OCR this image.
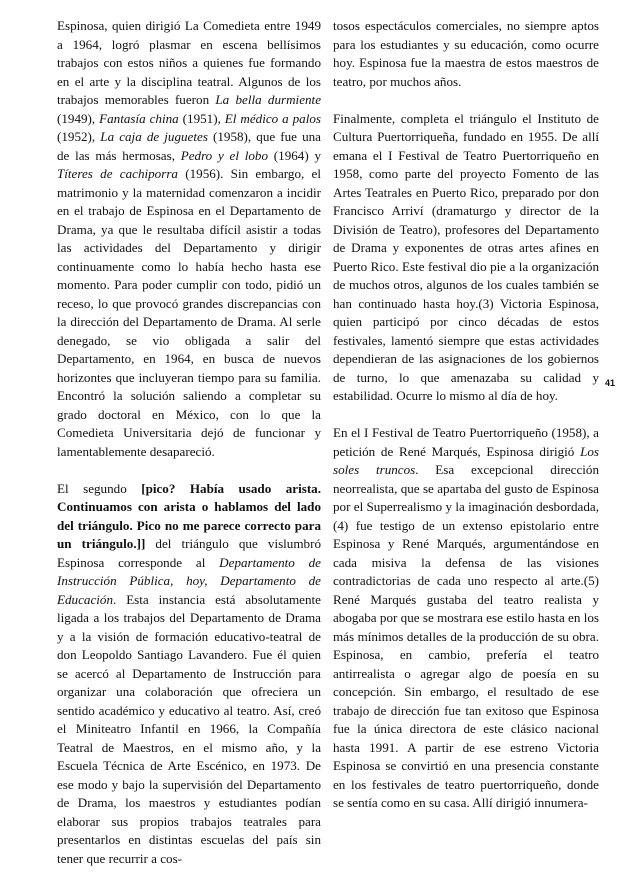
Espinosa, quien dirigió La Comedieta entre 1949 a 1964, logró plasmar en escena bellísimos trabajos con estos niños a quienes fue formando en el arte y la disciplina teatral. Algunos de los trabajos memorables fueron La bella durmiente (1949), Fantasía china (1951), El médico a palos (1952), La caja de juguetes (1958), que fue una de las más hermosas, Pedro y el lobo (1964) y Títeres de cachiporra (1956). Sin embargo, el matrimonio y la maternidad comenzaron a incidir en el trabajo de Espinosa en el Departamento de Drama, ya que le resultaba difícil asistir a todas las actividades del Departamento y dirigir continuamente como lo había hecho hasta ese momento. Para poder cumplir con todo, pidió un receso, lo que provocó grandes discrepancias con la dirección del Departamento de Drama. Al serle denegado, se vio obligada a salir del Departamento, en 1964, en busca de nuevos horizontes que incluyeran tiempo para su familia. Encontró la solución saliendo a completar su grado doctoral en México, con lo que la Comedieta Universitaria dejó de funcionar y lamentablemente desapareció.

El segundo [pico? Había usado arista. Continuamos con arista o hablamos del lado del triángulo. Pico no me parece correcto para un triángulo.]] del triángulo que vislumbró Espinosa corresponde al Departamento de Instrucción Pública, hoy, Departamento de Educación. Esta instancia está absolutamente ligada a los trabajos del Departamento de Drama y a la visión de formación educativo-teatral de don Leopoldo Santiago Lavandero. Fue él quien se acercó al Departamento de Instrucción para organizar una colaboración que ofreciera un sentido académico y educativo al teatro. Así, creó el Miniteatro Infantil en 1966, la Compañía Teatral de Maestros, en el mismo año, y la Escuela Técnica de Arte Escénico, en 1973. De ese modo y bajo la supervisión del Departamento de Drama, los maestros y estudiantes podían elaborar sus propios trabajos teatrales para presentarlos en distintas escuelas del país sin tener que recurrir a cos-

tosos espectáculos comerciales, no siempre aptos para los estudiantes y su educación, como ocurre hoy. Espinosa fue la maestra de estos maestros de teatro, por muchos años.

Finalmente, completa el triángulo el Instituto de Cultura Puertorriqueña, fundado en 1955. De allí emana el I Festival de Teatro Puertorriqueño en 1958, como parte del proyecto Fomento de las Artes Teatrales en Puerto Rico, preparado por don Francisco Arriví (dramaturgo y director de la División de Teatro), profesores del Departamento de Drama y exponentes de otras artes afines en Puerto Rico. Este festival dio pie a la organización de muchos otros, algunos de los cuales también se han continuado hasta hoy.(3) Victoria Espinosa, quien participó por cinco décadas de estos festivales, lamentó siempre que estas actividades dependieran de las asignaciones de los gobiernos de turno, lo que amenazaba su calidad y estabilidad. Ocurre lo mismo al día de hoy.

En el I Festival de Teatro Puertorriqueño (1958), a petición de René Marqués, Espinosa dirigió Los soles truncos. Esa excepcional dirección neorrealista, que se apartaba del gusto de Espinosa por el Superrealismo y la imaginación desbordada, (4) fue testigo de un extenso epistolario entre Espinosa y René Marqués, argumentándose en cada misiva la defensa de las visiones contradictorias de cada uno respecto al arte.(5) René Marqués gustaba del teatro realista y abogaba por que se mostrara ese estilo hasta en los más mínimos detalles de la producción de su obra. Espinosa, en cambio, prefería el teatro antirrealista o agregar algo de poesía en su concepción. Sin embargo, el resultado de ese trabajo de dirección fue tan exitoso que Espinosa fue la única directora de este clásico nacional hasta 1991. A partir de ese estreno Victoria Espinosa se convirtió en una presencia constante en los festivales de teatro puertorriqueño, donde se sentía como en su casa. Allí dirigió innumera-

41
